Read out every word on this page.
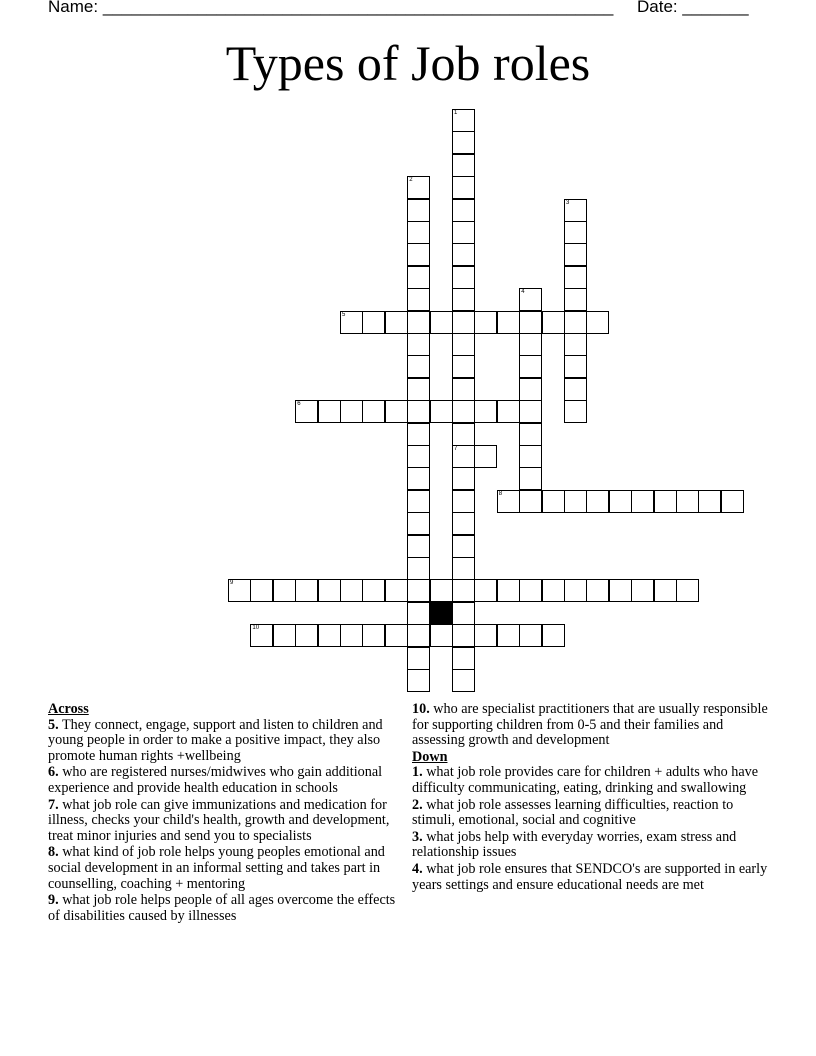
Name: ______________________________________________________ Date: _______
Types of Job roles
5
6
7
8
9
10
1
2
3
4
Across
5. They connect, engage, support and listen to children and young people in order to make a positive impact, they also promote human rights +wellbeing
6. who are registered nurses/midwives who gain additional experience and provide health education in schools
7. what job role can give immunizations and medication for illness, checks your child's health, growth and development, treat minor injuries and send you to specialists
8. what kind of job role helps young peoples emotional and social development in an informal setting and takes part in counselling, coaching + mentoring
9. what job role helps people of all ages overcome the effects of disabilities caused by illnesses
10. who are specialist practitioners that are usually responsible for supporting children from 0-5 and their families and assessing growth and development
Down
1. what job role provides care for children + adults who have difficulty communicating, eating, drinking and swallowing
2. what job role assesses learning difficulties, reaction to stimuli, emotional, social and cognitive
3. what jobs help with everyday worries, exam stress and relationship issues
4. what job role ensures that SENDCO's are supported in early years settings and ensure educational needs are met
